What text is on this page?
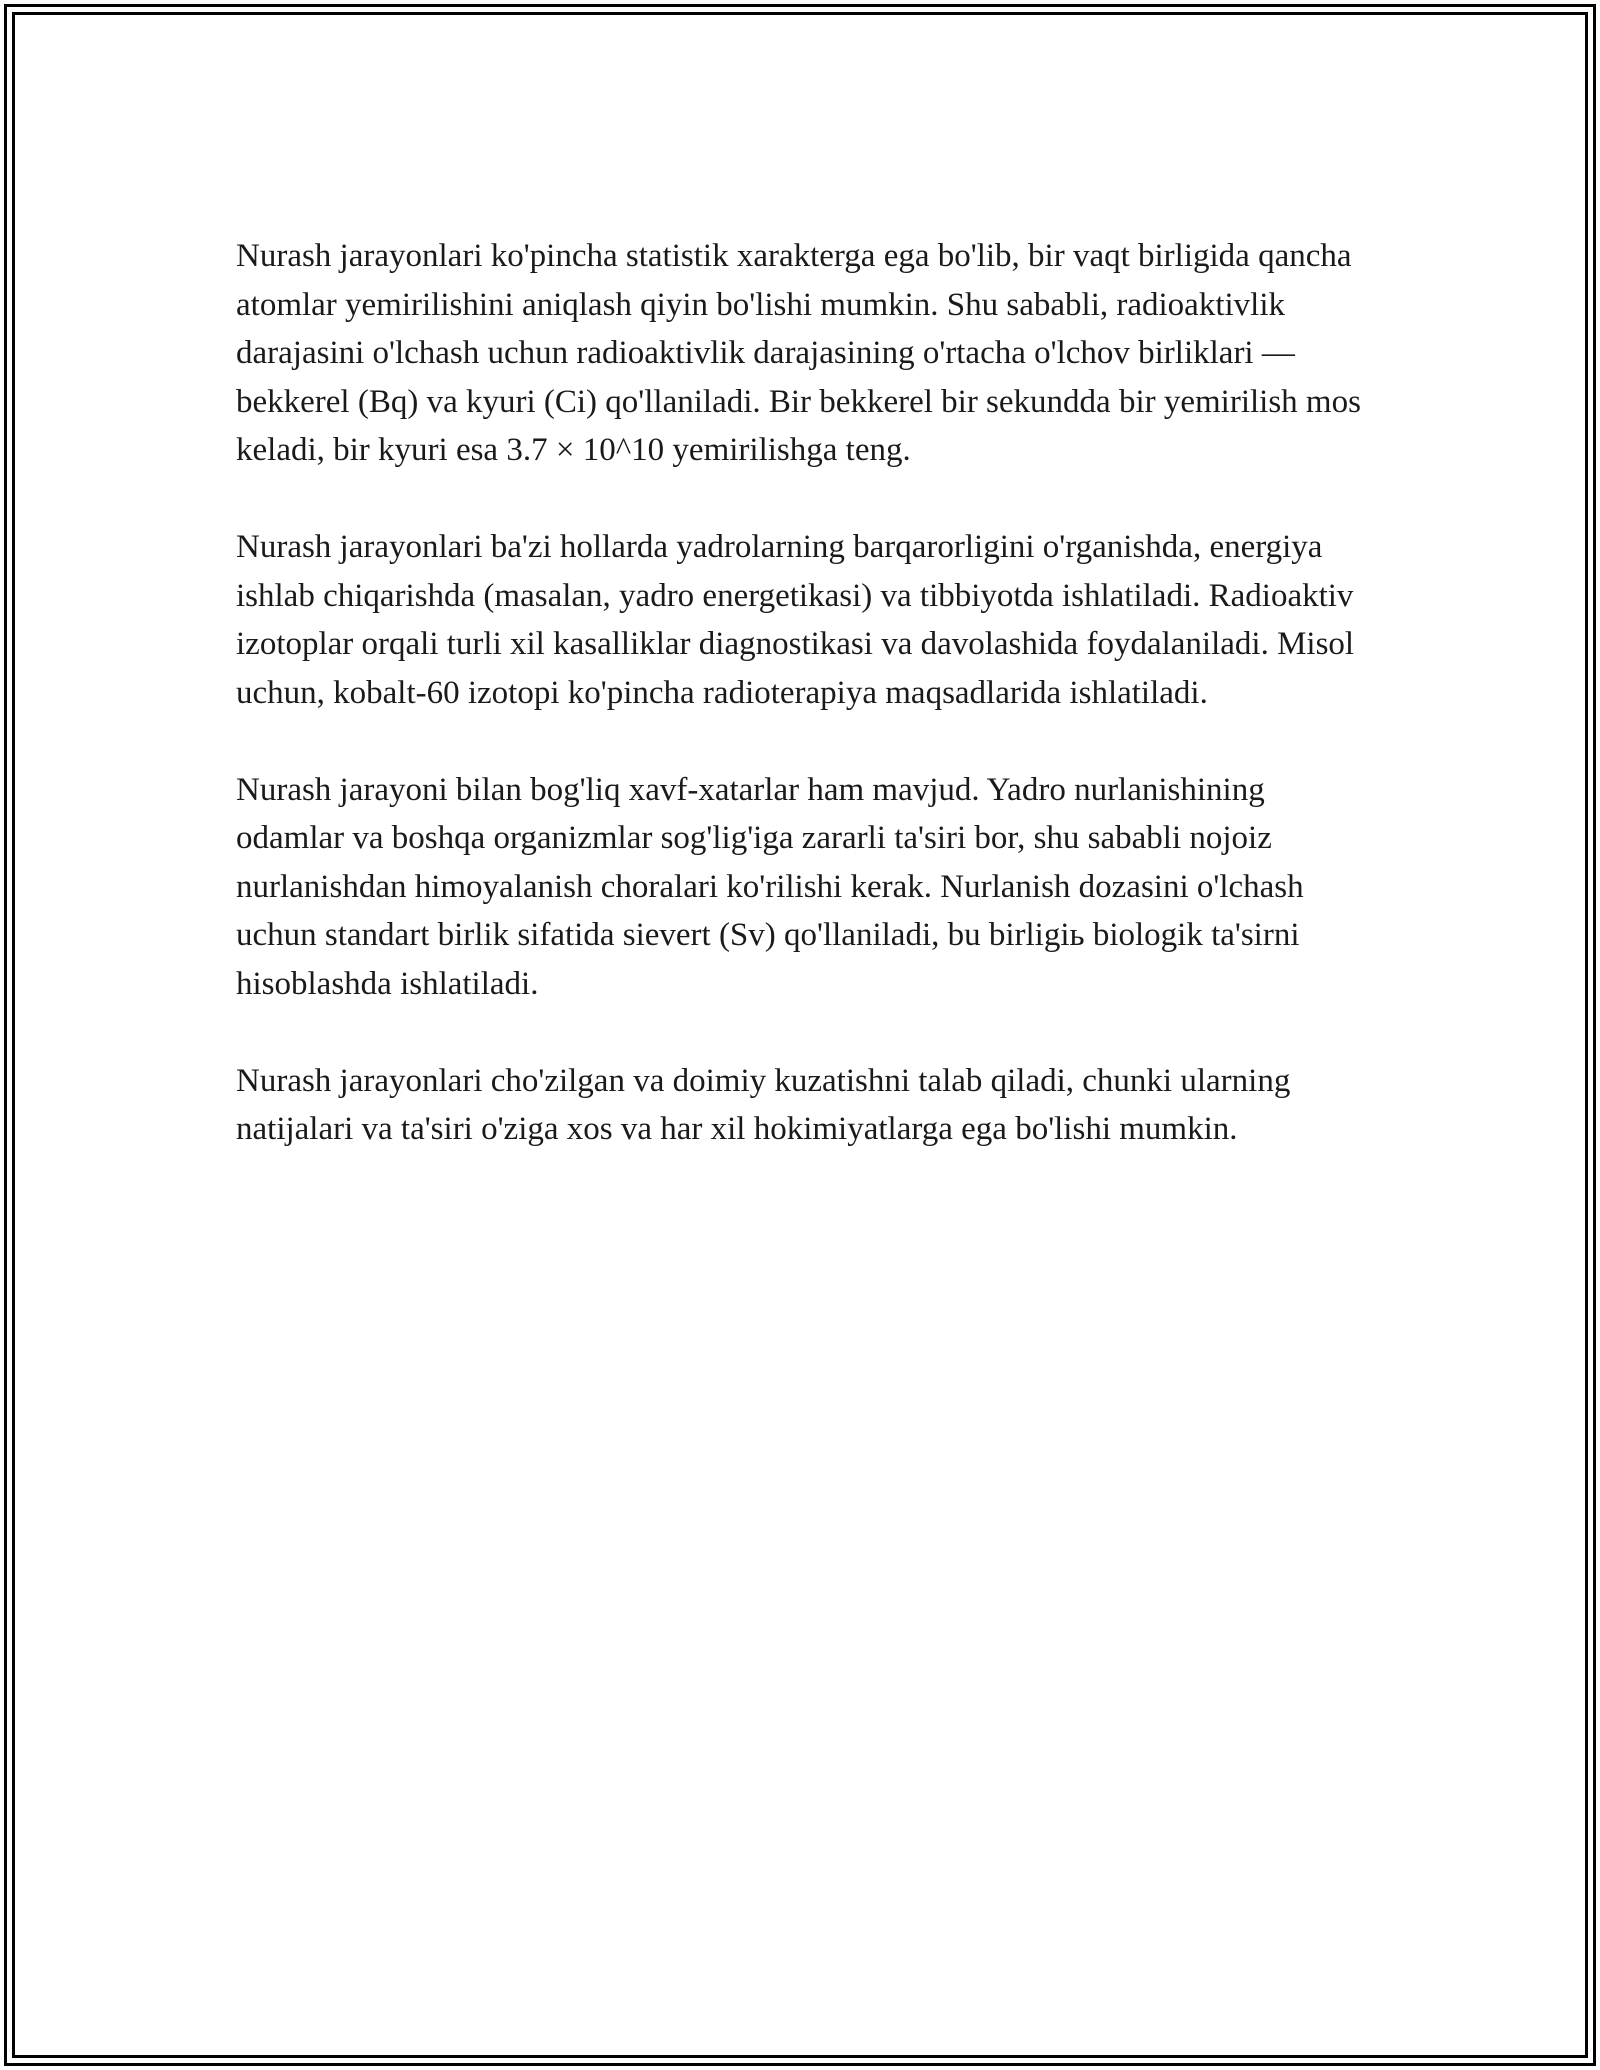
Nurash jarayonlari ko'pincha statistik xarakterga ega bo'lib, bir vaqt birligida qancha atomlar yemirilishini aniqlash qiyin bo'lishi mumkin. Shu sababli, radioaktivlik darajasini o'lchash uchun radioaktivlik darajasining o'rtacha o'lchov birliklari — bekkerel (Bq) va kyuri (Ci) qo'llaniladi. Bir bekkerel bir sekundda bir yemirilish mos keladi, bir kyuri esa 3.7 × 10^10 yemirilishga teng.

Nurash jarayonlari ba'zi hollarda yadrolarning barqarorligini o'rganishda, energiya ishlab chiqarishda (masalan, yadro energetikasi) va tibbiyotda ishlatiladi. Radioaktiv izotoplar orqali turli xil kasalliklar diagnostikasi va davolashida foydalaniladi. Misol uchun, kobalt-60 izotopi ko'pincha radioterapiya maqsadlarida ishlatiladi.

Nurash jarayoni bilan bog'liq xavf-xatarlar ham mavjud. Yadro nurlanishining odamlar va boshqa organizmlar sog'lig'iga zararli ta'siri bor, shu sababli nojoiz nurlanishdan himoyalanish choralari ko'rilishi kerak. Nurlanish dozasini o'lchash uchun standart birlik sifatida sievert (Sv) qo'llaniladi, bu birligiь biologik ta'sirni hisoblashda ishlatiladi.

Nurash jarayonlari cho'zilgan va doimiy kuzatishni talab qiladi, chunki ularning natijalari va ta'siri o'ziga xos va har xil hokimiyatlarga ega bo'lishi mumkin.
